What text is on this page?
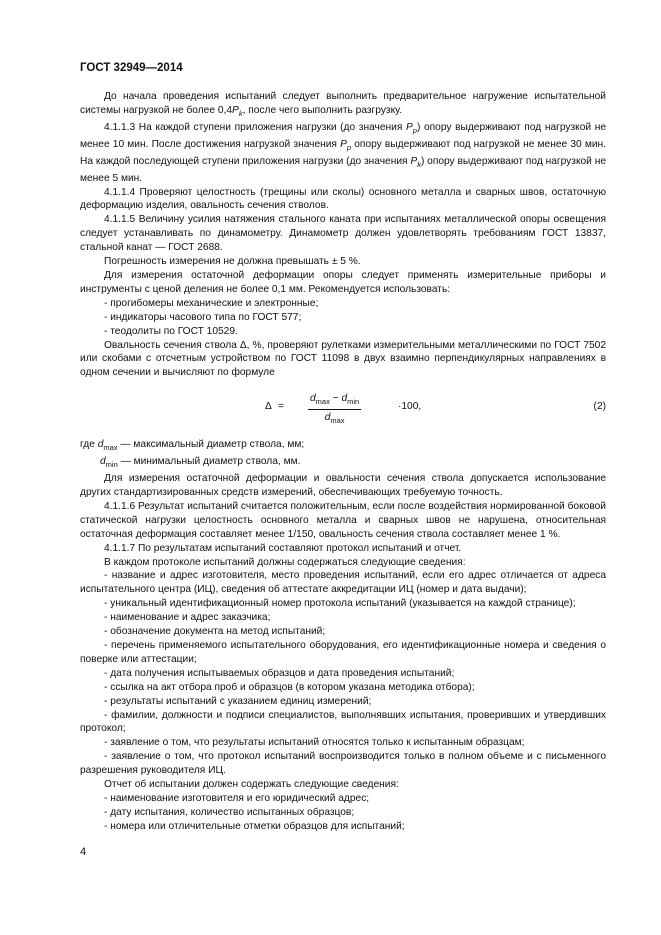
ГОСТ 32949—2014

До начала проведения испытаний следует выполнить предварительное нагружение испытательной системы нагрузкой не более $0,4P_k$, после чего выполнить разгрузку.

4.1.1.3 На каждой ступени приложения нагрузки (до значения $P_p$) опору выдерживают под нагрузкой не менее 10 мин. После достижения нагрузкой значения $P_p$ опору выдерживают под нагрузкой не менее 30 мин. На каждой последующей ступени приложения нагрузки (до значения $P_k$) опору выдерживают под нагрузкой не менее 5 мин.

4.1.1.4 Проверяют целостность (трещины или сколы) основного металла и сварных швов, остаточную деформацию изделия, овальность сечения стволов.

4.1.1.5 Величину усилия натяжения стального каната при испытаниях металлической опоры освещения следует устанавливать по динамометру. Динамометр должен удовлетворять требованиям ГОСТ 13837, стальной канат — ГОСТ 2688.

Погрешность измерения не должна превышать ± 5 %.

Для измерения остаточной деформации опоры следует применять измерительные приборы и инструменты с ценой деления не более 0,1 мм. Рекомендуется использовать:

- прогибомеры механические и электронные;

- индикаторы часового типа по ГОСТ 577;

- теодолиты по ГОСТ 10529.

Овальность сечения ствола Δ, %, проверяют рулетками измерительными металлическими по ГОСТ 7502 или скобами с отсчетным устройством по ГОСТ 11098 в двух взаимно перпендикулярных направлениях в одном сечении и вычисляют по формуле

Δ =
$d_{max} - d_{min}$
$d_{max}$
·100,	(2)

где $d_{max}$ — максимальный диаметр ствола, мм;

$d_{min}$ — минимальный диаметр ствола, мм.

Для измерения остаточной деформации и овальности сечения ствола допускается использование других стандартизированных средств измерений, обеспечивающих требуемую точность.

4.1.1.6 Результат испытаний считается положительным, если после воздействия нормированной боковой статической нагрузки целостность основного металла и сварных швов не нарушена, относительная остаточная деформация составляет менее 1/150, овальность сечения ствола составляет менее 1 %.

4.1.1.7 По результатам испытаний составляют протокол испытаний и отчет.

В каждом протоколе испытаний должны содержаться следующие сведения:

- название и адрес изготовителя, место проведения испытаний, если его адрес отличается от адреса испытательного центра (ИЦ), сведения об аттестате аккредитации ИЦ (номер и дата выдачи);

- уникальный идентификационный номер протокола испытаний (указывается на каждой странице);

- наименование и адрес заказчика;

- обозначение документа на метод испытаний;

- перечень применяемого испытательного оборудования, его идентификационные номера и сведения о поверке или аттестации;

- дата получения испытываемых образцов и дата проведения испытаний;

- ссылка на акт отбора проб и образцов (в котором указана методика отбора);

- результаты испытаний с указанием единиц измерений;

- фамилии, должности и подписи специалистов, выполнявших испытания, проверивших и утвердивших протокол;

- заявление о том, что результаты испытаний относятся только к испытанным образцам;

- заявление о том, что протокол испытаний воспроизводится только в полном объеме и с письменного разрешения руководителя ИЦ.

Отчет об испытании должен содержать следующие сведения:

- наименование изготовителя и его юридический адрес;

- дату испытания, количество испытанных образцов;

- номера или отличительные отметки образцов для испытаний;

4
